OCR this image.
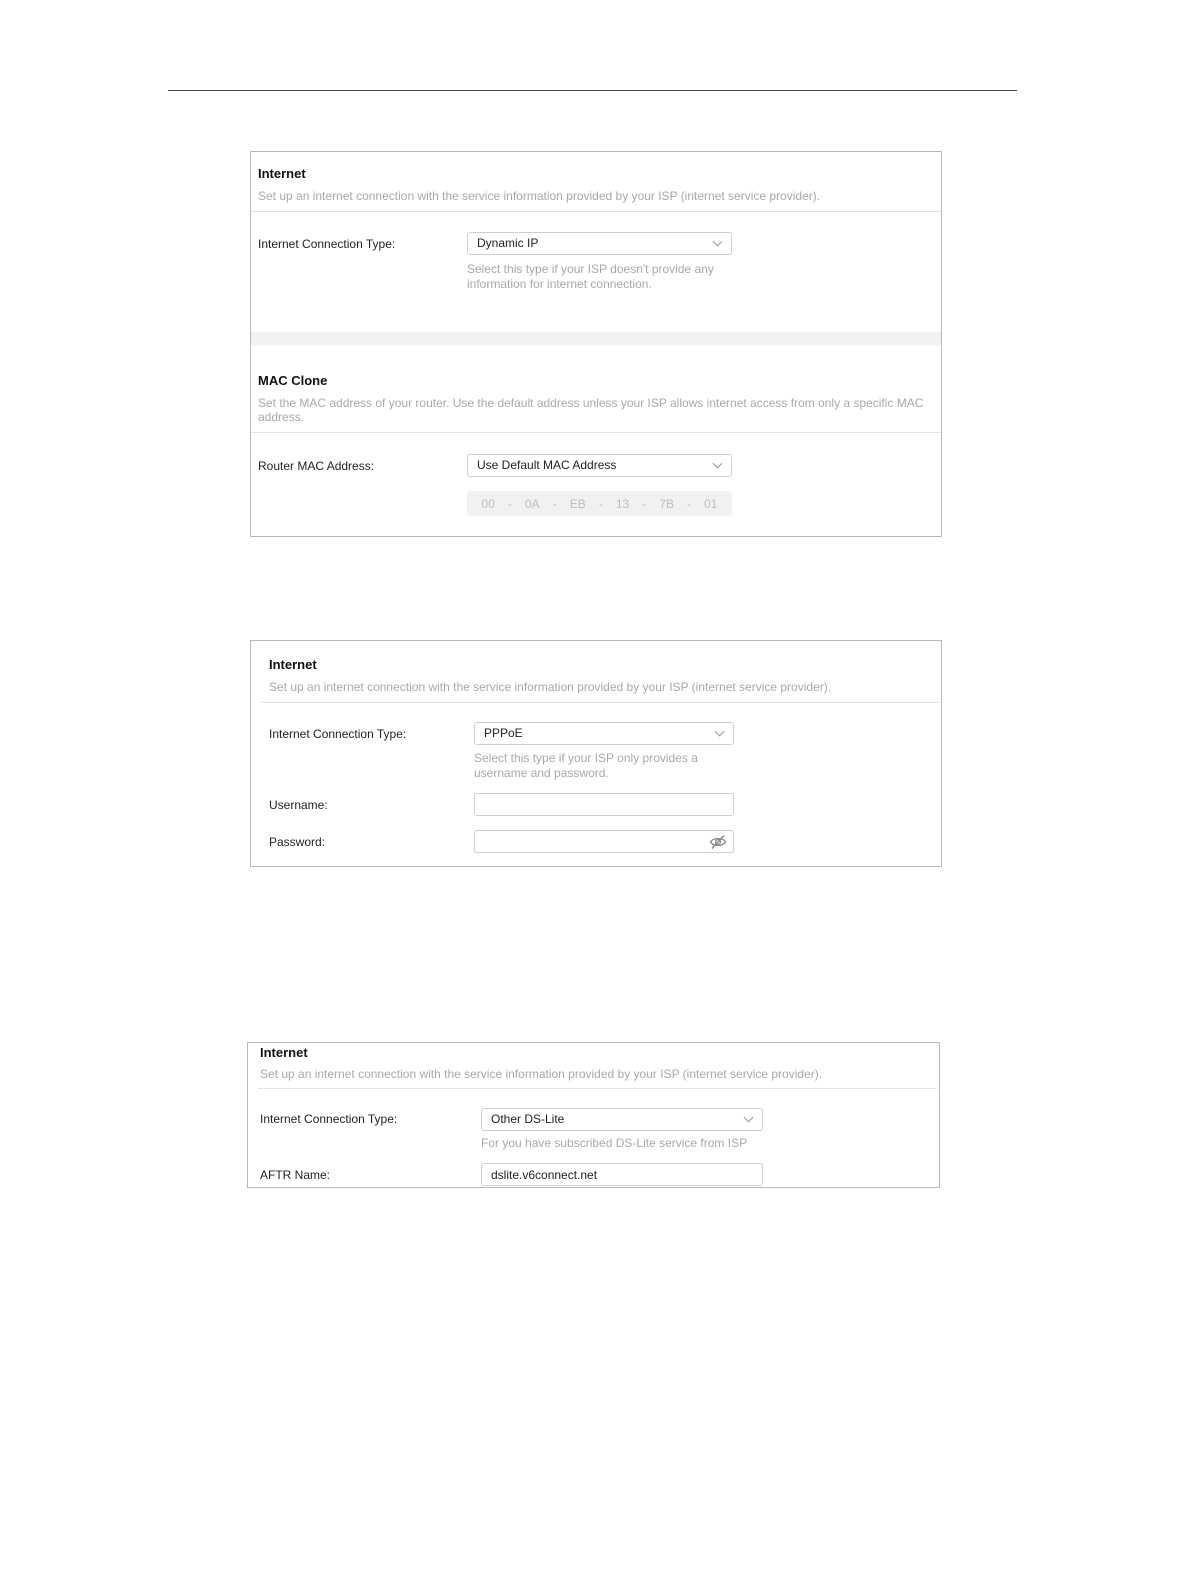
Internet
Set up an internet connection with the service information provided by your ISP (internet service provider).
Internet Connection Type:	Dynamic IP
Select this type if your ISP doesn't provide any
information for internet connection.
MAC Clone
Set the MAC address of your router. Use the default address unless your ISP allows internet access from only a specific MAC
address.
Router MAC Address:	Use Default MAC Address
00 - 0A - EB - 13 - 7B - 01
Internet
Set up an internet connection with the service information provided by your ISP (internet service provider).
Internet Connection Type:	PPPoE
Select this type if your ISP only provides a
username and password.
Username:
Password:
Internet
Set up an internet connection with the service information provided by your ISP (internet service provider).
Internet Connection Type:	Other DS-Lite
For you have subscribed DS-Lite service from ISP
AFTR Name:
dslite.v6connect.net
